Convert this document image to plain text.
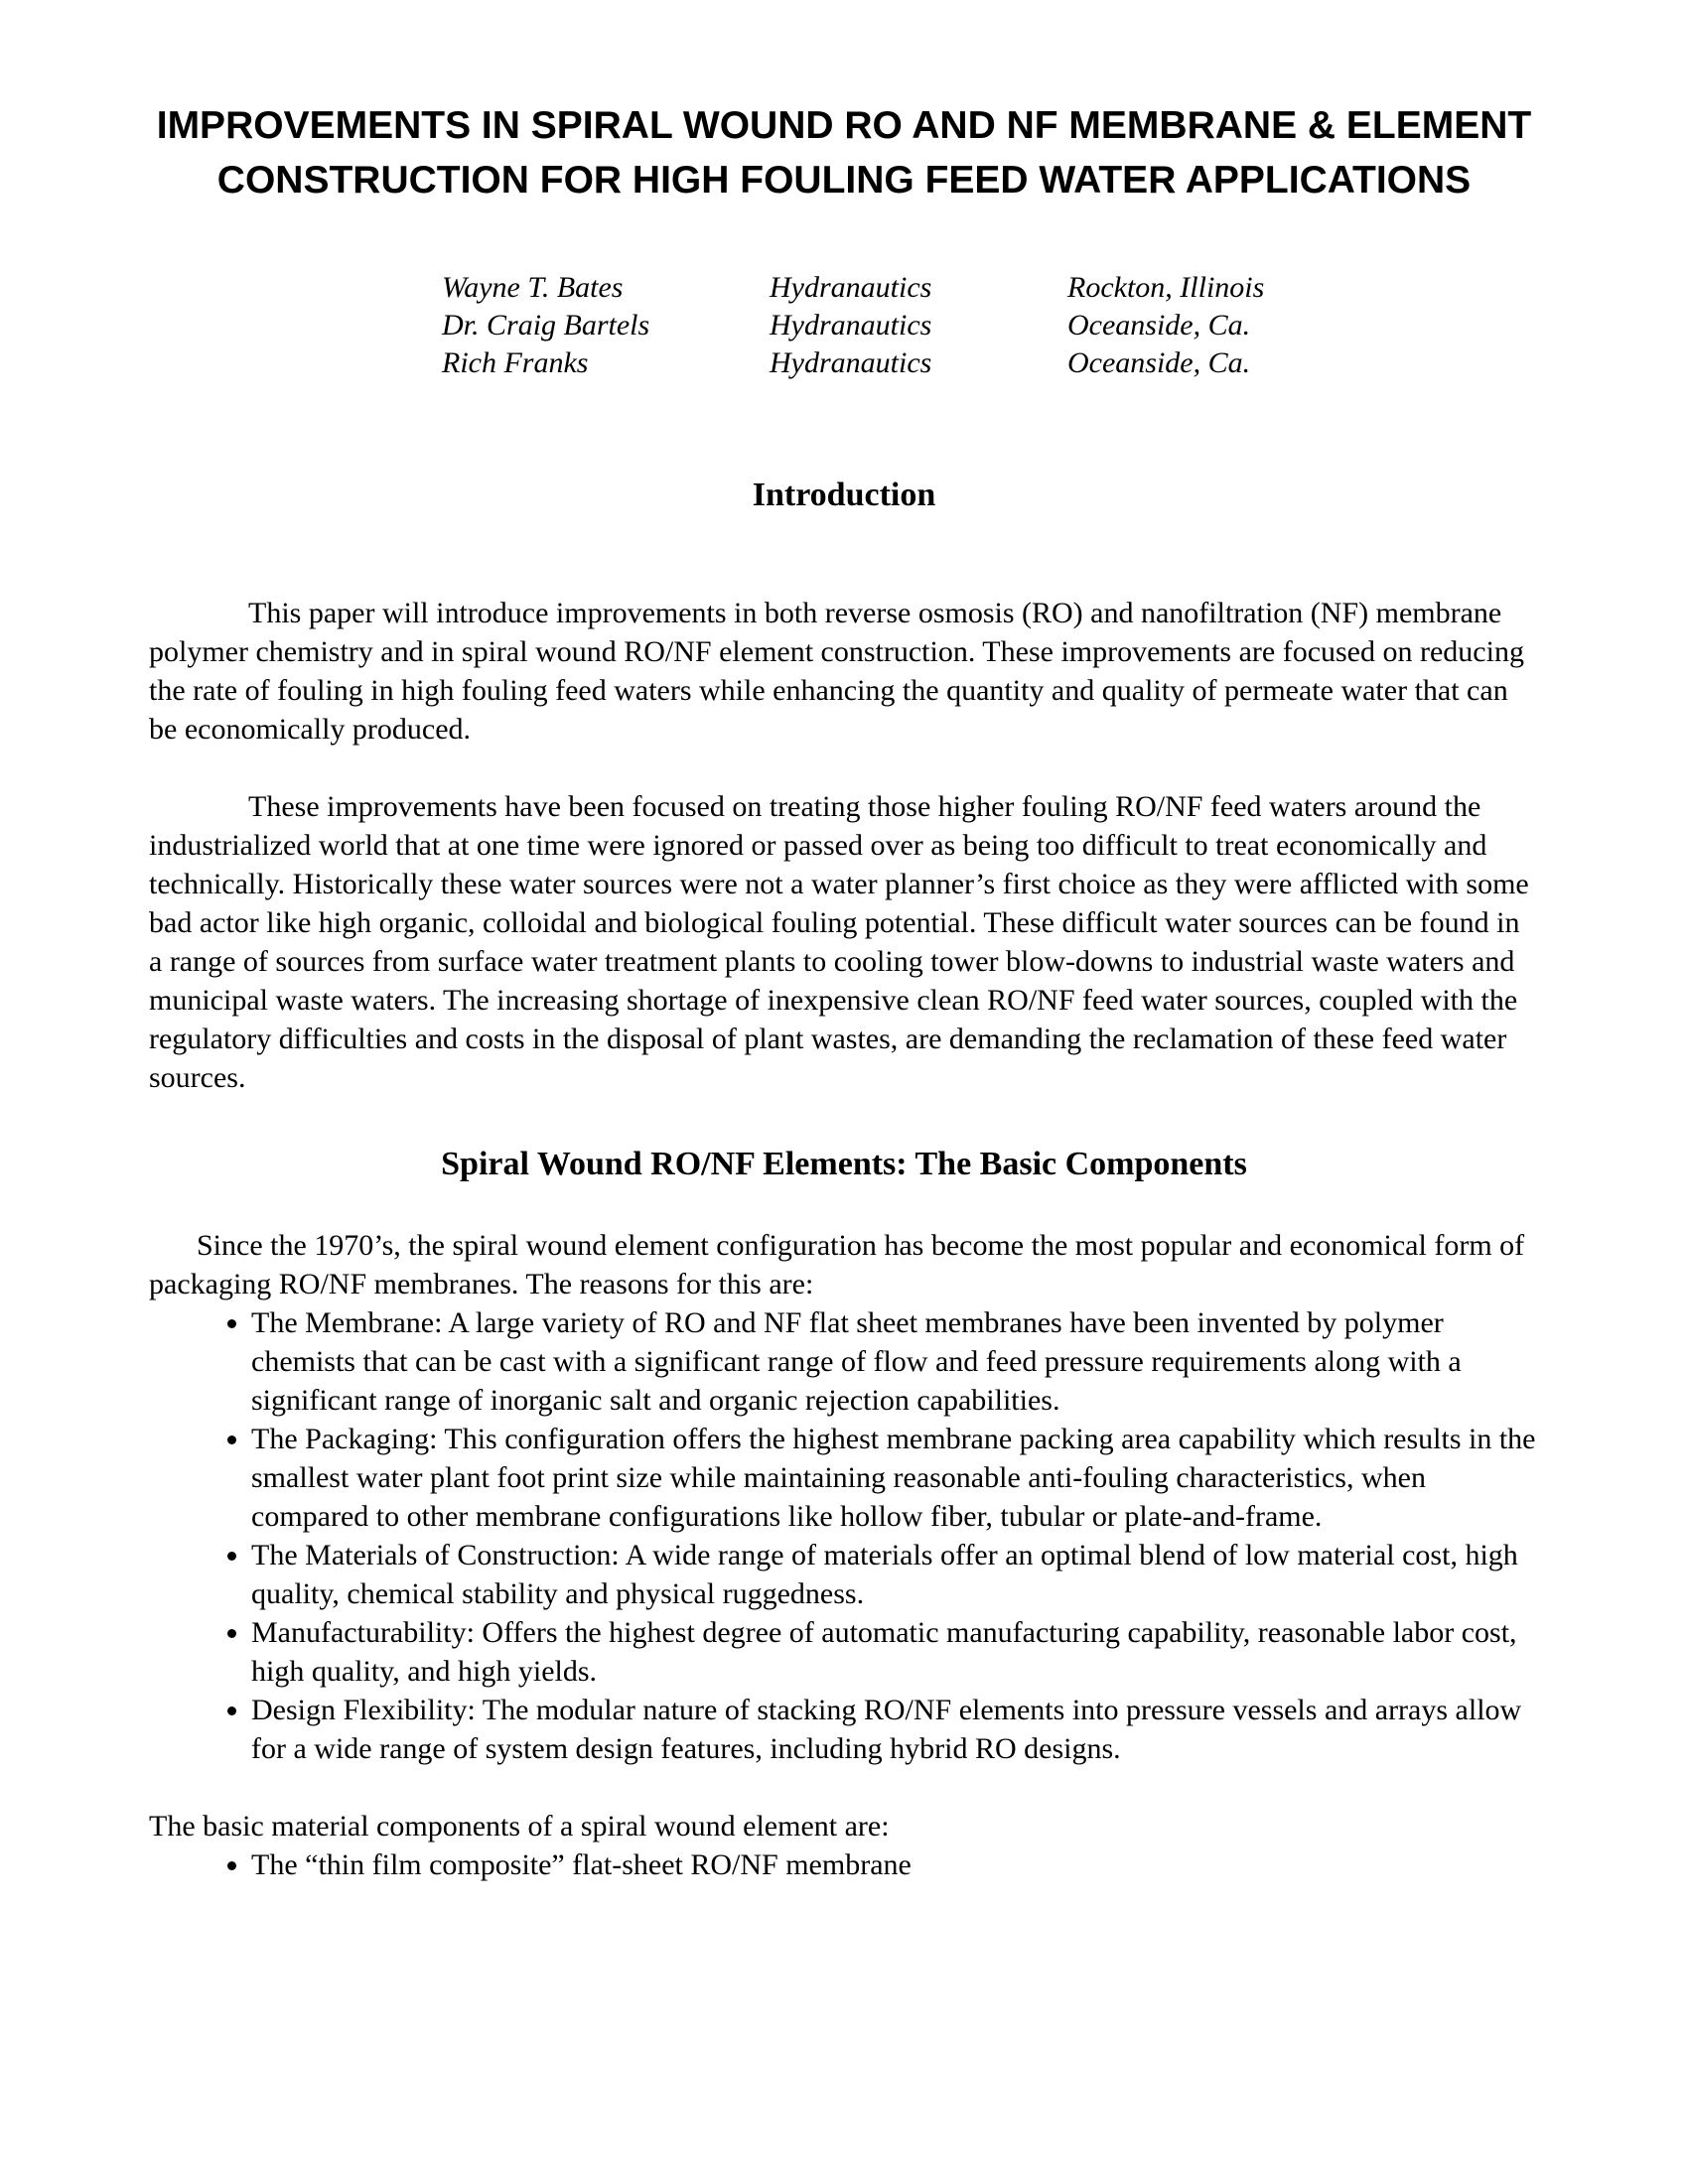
IMPROVEMENTS IN SPIRAL WOUND RO AND NF MEMBRANE & ELEMENT CONSTRUCTION FOR HIGH FOULING FEED WATER APPLICATIONS
Wayne T. Bates	Hydranautics	Rockton, Illinois
Dr. Craig Bartels	Hydranautics	Oceanside, Ca.
Rich Franks	Hydranautics	Oceanside, Ca.
Introduction

This paper will introduce improvements in both reverse osmosis (RO) and nanofiltration (NF) membrane polymer chemistry and in spiral wound RO/NF element construction. These improvements are focused on reducing the rate of fouling in high fouling feed waters while enhancing the quantity and quality of permeate water that can be economically produced.

These improvements have been focused on treating those higher fouling RO/NF feed waters around the industrialized world that at one time were ignored or passed over as being too difficult to treat economically and technically. Historically these water sources were not a water planner’s first choice as they were afflicted with some bad actor like high organic, colloidal and biological fouling potential. These difficult water sources can be found in a range of sources from surface water treatment plants to cooling tower blow-downs to industrial waste waters and municipal waste waters. The increasing shortage of inexpensive clean RO/NF feed water sources, coupled with the regulatory difficulties and costs in the disposal of plant wastes, are demanding the reclamation of these feed water sources.

Spiral Wound RO/NF Elements: The Basic Components

Since the 1970’s, the spiral wound element configuration has become the most popular and economical form of packaging RO/NF membranes. The reasons for this are:

• The Membrane: A large variety of RO and NF flat sheet membranes have been invented by polymer chemists that can be cast with a significant range of flow and feed pressure requirements along with a significant range of inorganic salt and organic rejection capabilities.
• The Packaging: This configuration offers the highest membrane packing area capability which results in the smallest water plant foot print size while maintaining reasonable anti-fouling characteristics, when compared to other membrane configurations like hollow fiber, tubular or plate-and-frame.
• The Materials of Construction: A wide range of materials offer an optimal blend of low material cost, high quality, chemical stability and physical ruggedness.
• Manufacturability: Offers the highest degree of automatic manufacturing capability, reasonable labor cost, high quality, and high yields.
• Design Flexibility: The modular nature of stacking RO/NF elements into pressure vessels and arrays allow for a wide range of system design features, including hybrid RO designs.

The basic material components of a spiral wound element are:

• The “thin film composite” flat-sheet RO/NF membrane
